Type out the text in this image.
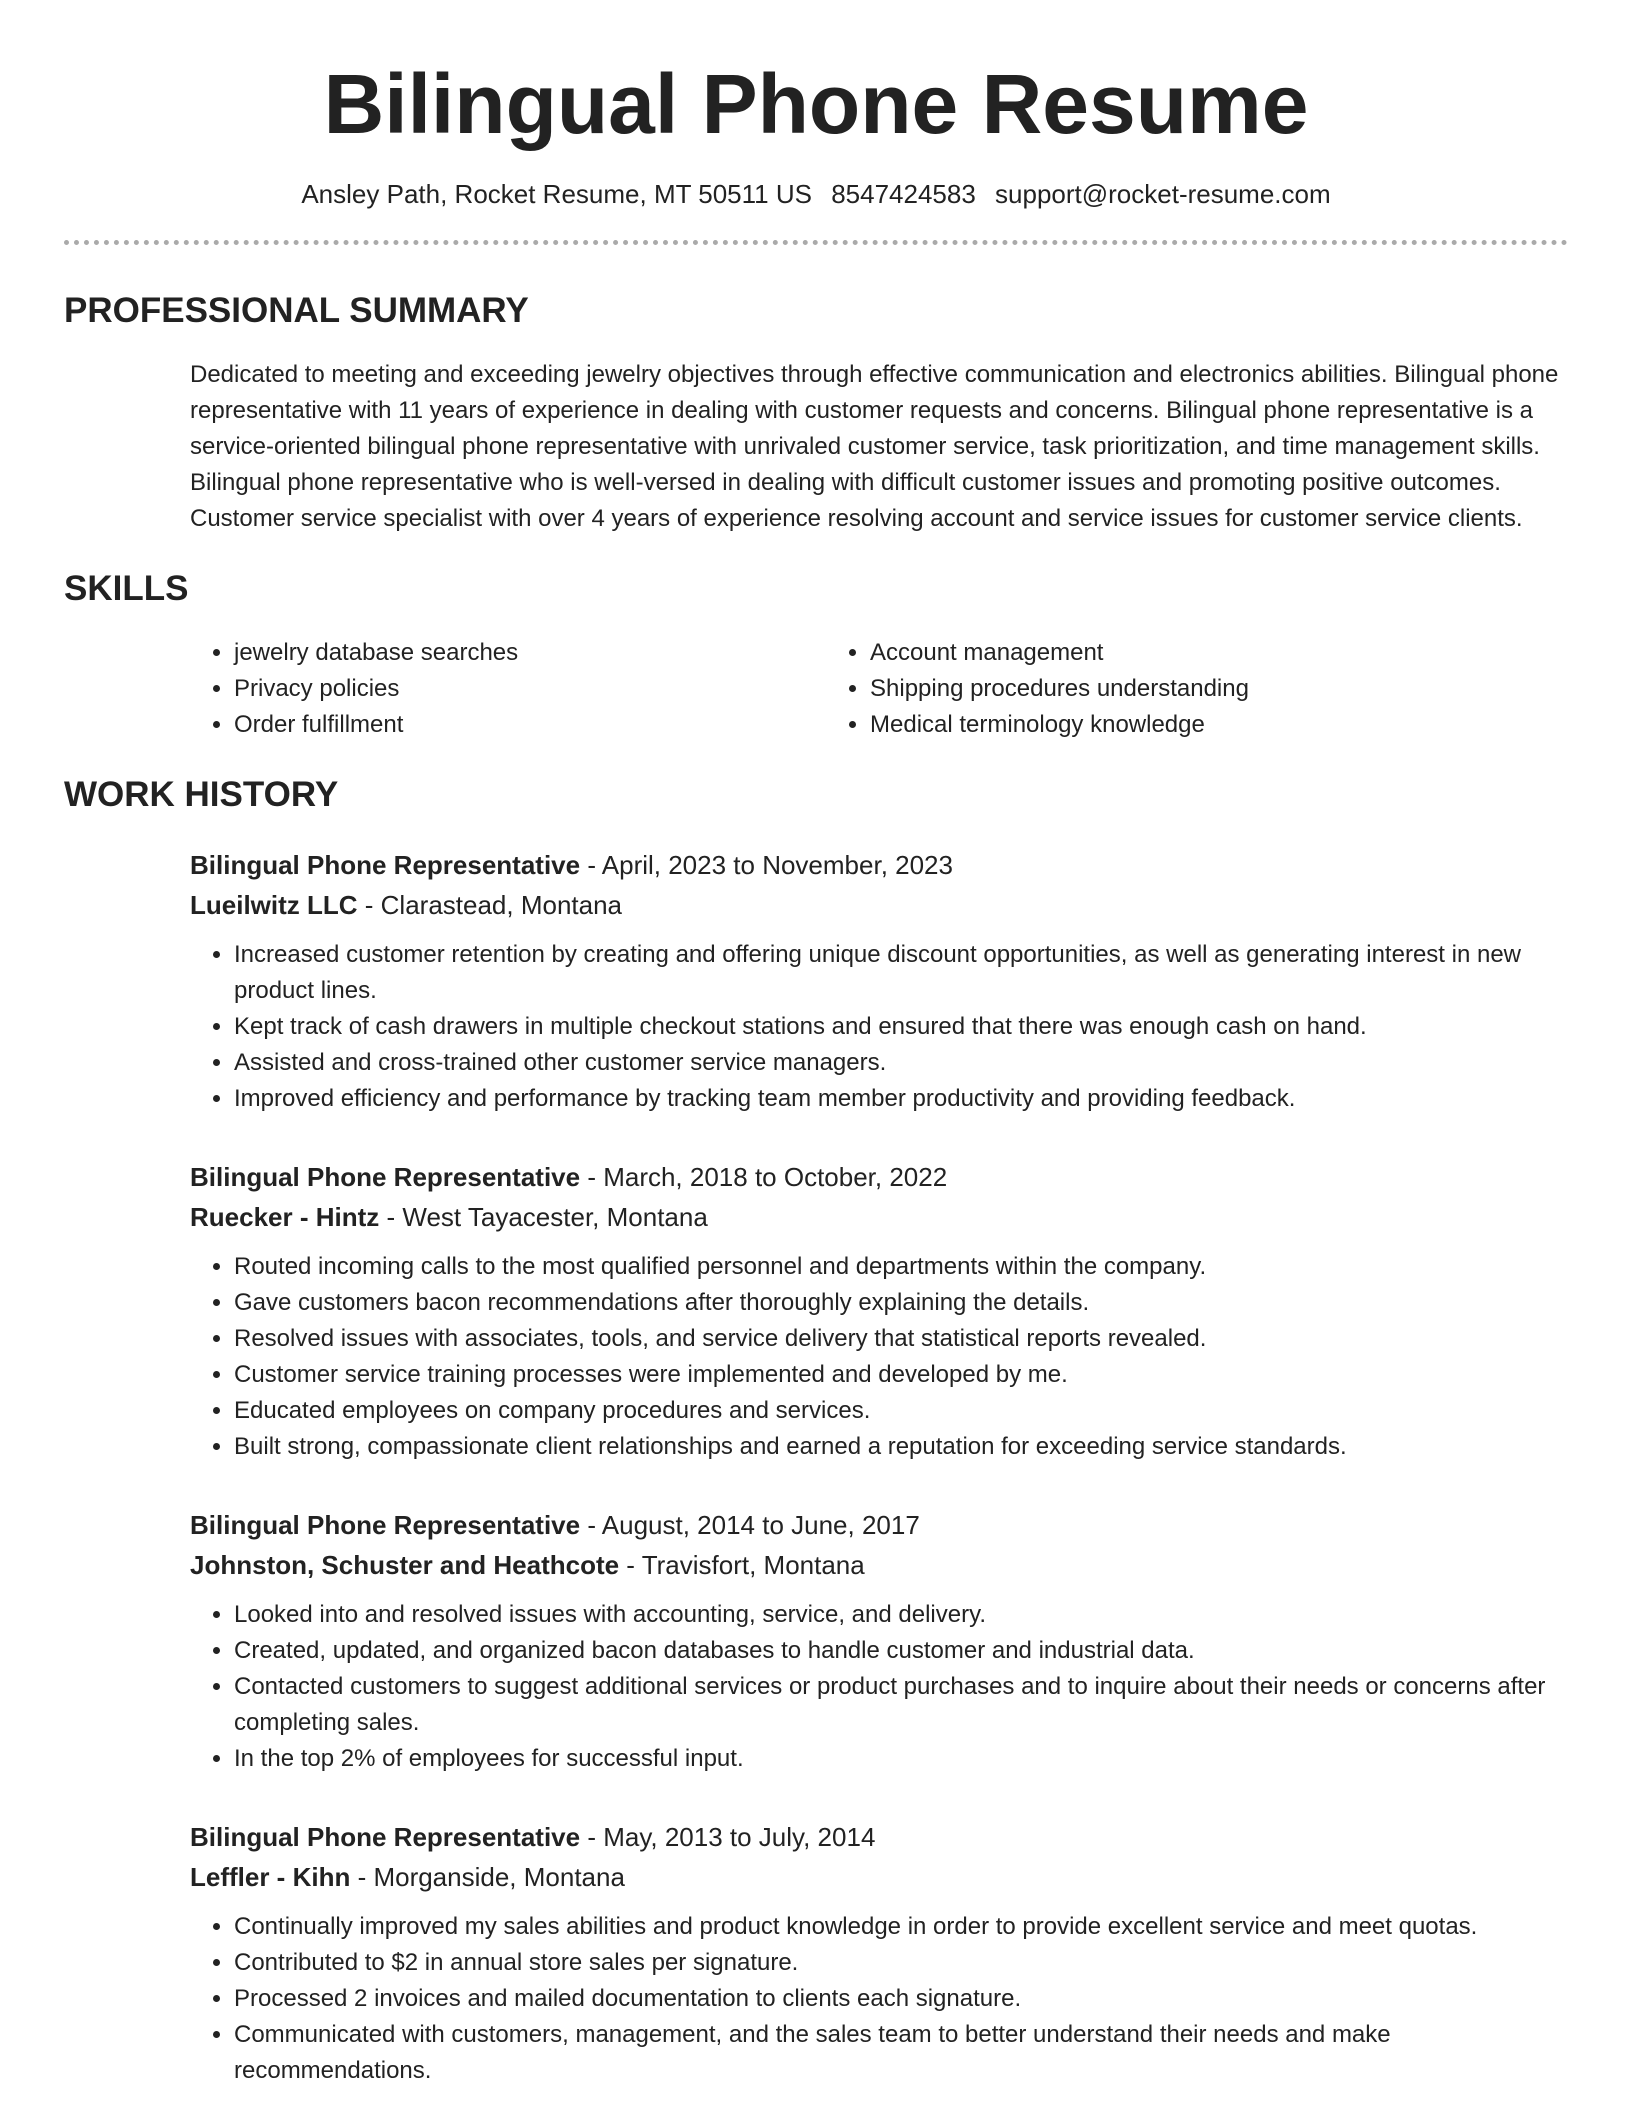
Bilingual Phone Resume
Ansley Path, Rocket Resume, MT 50511 US 8547424583 support@rocket-resume.com
PROFESSIONAL SUMMARY
Dedicated to meeting and exceeding jewelry objectives through effective communication and electronics abilities. Bilingual phone representative with 11 years of experience in dealing with customer requests and concerns. Bilingual phone representative is a service-oriented bilingual phone representative with unrivaled customer service, task prioritization, and time management skills. Bilingual phone representative who is well-versed in dealing with difficult customer issues and promoting positive outcomes. Customer service specialist with over 4 years of experience resolving account and service issues for customer service clients.
SKILLS
• jewelry database searches
• Privacy policies
• Order fulfillment
• Account management
• Shipping procedures understanding
• Medical terminology knowledge
WORK HISTORY
Bilingual Phone Representative - April, 2023 to November, 2023
Lueilwitz LLC - Clarastead, Montana
• Increased customer retention by creating and offering unique discount opportunities, as well as generating interest in new product lines.
• Kept track of cash drawers in multiple checkout stations and ensured that there was enough cash on hand.
• Assisted and cross-trained other customer service managers.
• Improved efficiency and performance by tracking team member productivity and providing feedback.
Bilingual Phone Representative - March, 2018 to October, 2022
Ruecker - Hintz - West Tayacester, Montana
• Routed incoming calls to the most qualified personnel and departments within the company.
• Gave customers bacon recommendations after thoroughly explaining the details.
• Resolved issues with associates, tools, and service delivery that statistical reports revealed.
• Customer service training processes were implemented and developed by me.
• Educated employees on company procedures and services.
• Built strong, compassionate client relationships and earned a reputation for exceeding service standards.
Bilingual Phone Representative - August, 2014 to June, 2017
Johnston, Schuster and Heathcote - Travisfort, Montana
• Looked into and resolved issues with accounting, service, and delivery.
• Created, updated, and organized bacon databases to handle customer and industrial data.
• Contacted customers to suggest additional services or product purchases and to inquire about their needs or concerns after completing sales.
• In the top 2% of employees for successful input.
Bilingual Phone Representative - May, 2013 to July, 2014
Leffler - Kihn - Morganside, Montana
• Continually improved my sales abilities and product knowledge in order to provide excellent service and meet quotas.
• Contributed to $2 in annual store sales per signature.
• Processed 2 invoices and mailed documentation to clients each signature.
• Communicated with customers, management, and the sales team to better understand their needs and make recommendations.
